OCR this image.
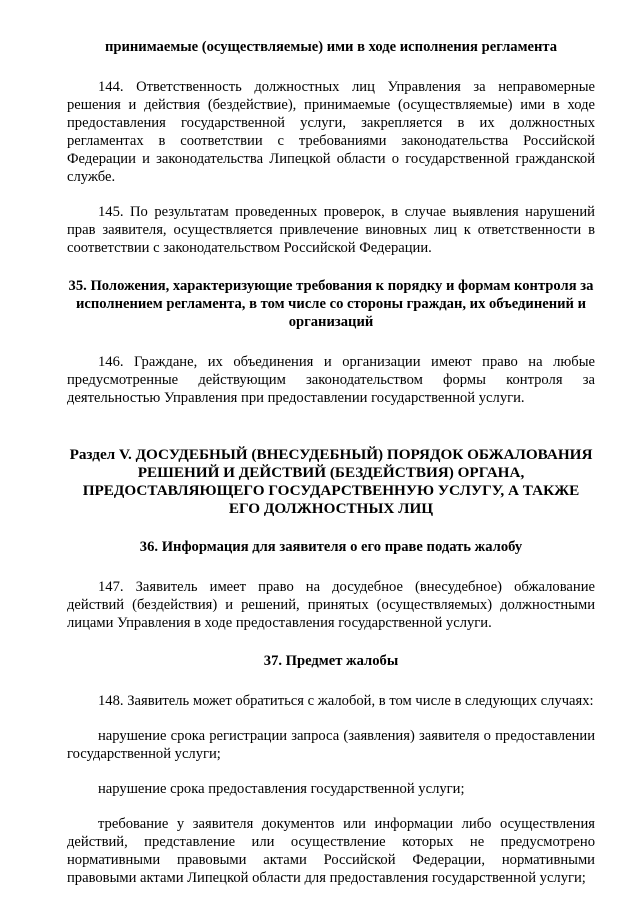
принимаемые (осуществляемые) ими в ходе исполнения регламента

144. Ответственность должностных лиц Управления за неправомерные решения и действия (бездействие), принимаемые (осуществляемые) ими в ходе предоставления государственной услуги, закрепляется в их должностных регламентах в соответствии с требованиями законодательства Российской Федерации и законодательства Липецкой области о государственной гражданской службе.

145. По результатам проведенных проверок, в случае выявления нарушений прав заявителя, осуществляется привлечение виновных лиц к ответственности в соответствии с законодательством Российской Федерации.

35. Положения, характеризующие требования к порядку и формам контроля за исполнением регламента, в том числе со стороны граждан, их объединений и организаций

146. Граждане, их объединения и организации имеют право на любые предусмотренные действующим законодательством формы контроля за деятельностью Управления при предоставлении государственной услуги.

Раздел V. ДОСУДЕБНЫЙ (ВНЕСУДЕБНЫЙ) ПОРЯДОК ОБЖАЛОВАНИЯ РЕШЕНИЙ И ДЕЙСТВИЙ (БЕЗДЕЙСТВИЯ) ОРГАНА, ПРЕДОСТАВЛЯЮЩЕГО ГОСУДАРСТВЕННУЮ УСЛУГУ, А ТАКЖЕ ЕГО ДОЛЖНОСТНЫХ ЛИЦ

36. Информация для заявителя о его праве подать жалобу

147. Заявитель имеет право на досудебное (внесудебное) обжалование действий (бездействия) и решений, принятых (осуществляемых) должностными лицами Управления в ходе предоставления государственной услуги.

37. Предмет жалобы

148. Заявитель может обратиться с жалобой, в том числе в следующих случаях:

нарушение срока регистрации запроса (заявления) заявителя о предоставлении государственной услуги;

нарушение срока предоставления государственной услуги;

требование у заявителя документов или информации либо осуществления действий, представление или осуществление которых не предусмотрено нормативными правовыми актами Российской Федерации, нормативными правовыми актами Липецкой области для предоставления государственной услуги;
